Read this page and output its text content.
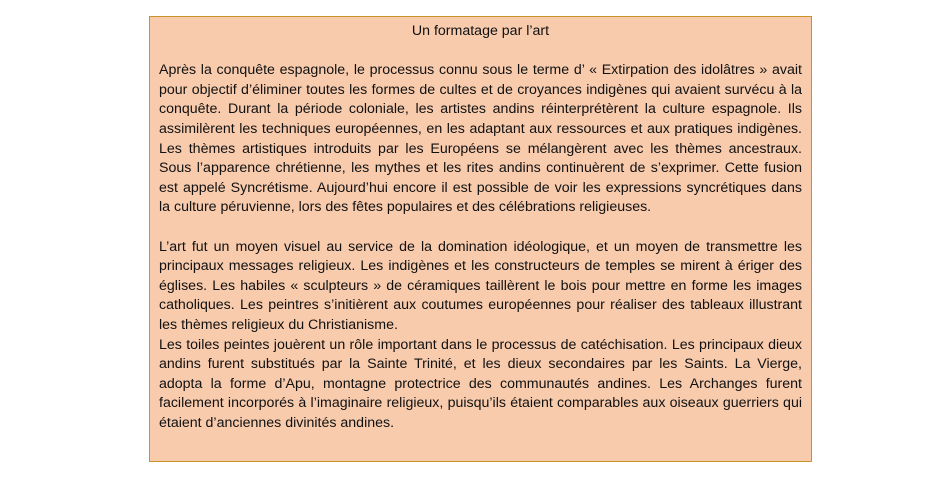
Un formatage par l’art

Après la conquête espagnole, le processus connu sous le terme d’ « Extirpation des idolâtres » avait pour objectif d’éliminer toutes les formes de cultes et de croyances indigènes qui avaient survécu à la conquête. Durant la période coloniale, les artistes andins réinterprétèrent la culture espagnole. Ils assimilèrent les techniques européennes, en les adaptant aux ressources et aux pratiques indigènes. Les thèmes artistiques introduits par les Européens se mélangèrent avec les thèmes ancestraux. Sous l’apparence chrétienne, les mythes et les rites andins continuèrent de s’exprimer. Cette fusion est appelé Syncrétisme. Aujourd’hui encore il est possible de voir les expressions syncrétiques dans la culture péruvienne, lors des fêtes populaires et des célébrations religieuses.

L’art fut un moyen visuel au service de la domination idéologique, et un moyen de transmettre les principaux messages religieux. Les indigènes et les constructeurs de temples se mirent à ériger des églises. Les habiles « sculpteurs » de céramiques taillèrent le bois pour mettre en forme les images catholiques. Les peintres s’initièrent aux coutumes européennes pour réaliser des tableaux illustrant les thèmes religieux du Christianisme.

Les toiles peintes jouèrent un rôle important dans le processus de catéchisation. Les principaux dieux andins furent substitués par la Sainte Trinité, et les dieux secondaires par les Saints. La Vierge, adopta la forme d’Apu, montagne protectrice des communautés andines. Les Archanges furent facilement incorporés à l’imaginaire religieux, puisqu’ils étaient comparables aux oiseaux guerriers qui étaient d’anciennes divinités andines.
